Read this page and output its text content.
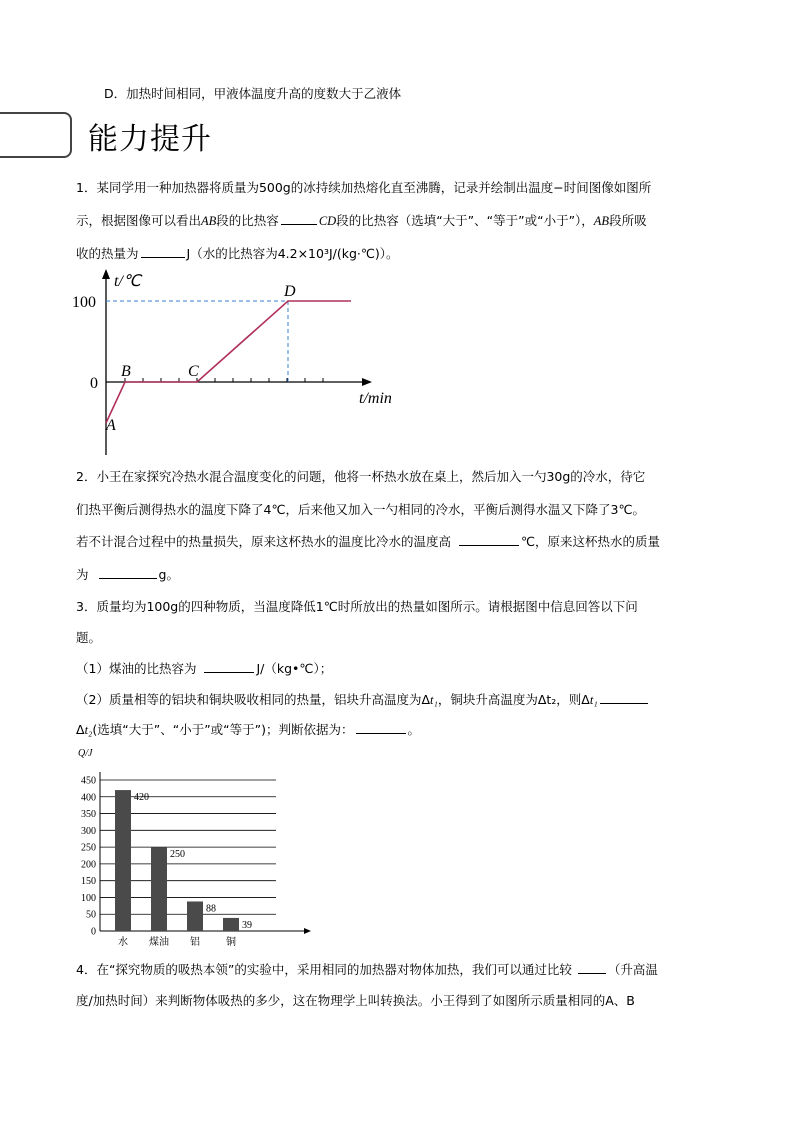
D．加热时间相同，甲液体温度升高的度数大于乙液体
能力提升
1．某同学用一种加热器将质量为500g的冰持续加热熔化直至沸腾，记录并绘制出温度−时间图像如图所
示，根据图像可以看出AB段的比热容	CD段的比热容（选填“大于”、“等于”或“小于”），AB段所吸
收的热量为	J（水的比热容为4.2×10³J/(kg·℃)）。
t/℃
100
0
t/min
A
B	C
D
2．小王在家探究冷热水混合温度变化的问题，他将一杯热水放在桌上，然后加入一勺30g的冷水，待它
们热平衡后测得热水的温度下降了4℃，后来他又加入一勺相同的冷水，平衡后测得水温又下降了3℃。
若不计混合过程中的热量损失，原来这杯热水的温度比冷水的温度高	℃，原来这杯热水的质量
为	g。
3．质量均为100g的四种物质，当温度降低1℃时所放出的热量如图所示。请根据图中信息回答以下问
题。
（1）煤油的比热容为	J/（kg•℃）；
（2）质量相等的铝块和铜块吸收相同的热量，铝块升高温度为Δt₁，铜块升高温度为Δt₂，则Δt₁
Δt₂(选填“大于”、“小于”或“等于”)；判断依据为：	。
Q/J
0
50
100
150
200
250
300
350
400
450
420
水
250
煤油
88
铝
39
铜
4．在“探究物质的吸热本领”的实验中，采用相同的加热器对物体加热，我们可以通过比较	（升高温
度/加热时间）来判断物体吸热的多少，这在物理学上叫转换法。小王得到了如图所示质量相同的A、B
